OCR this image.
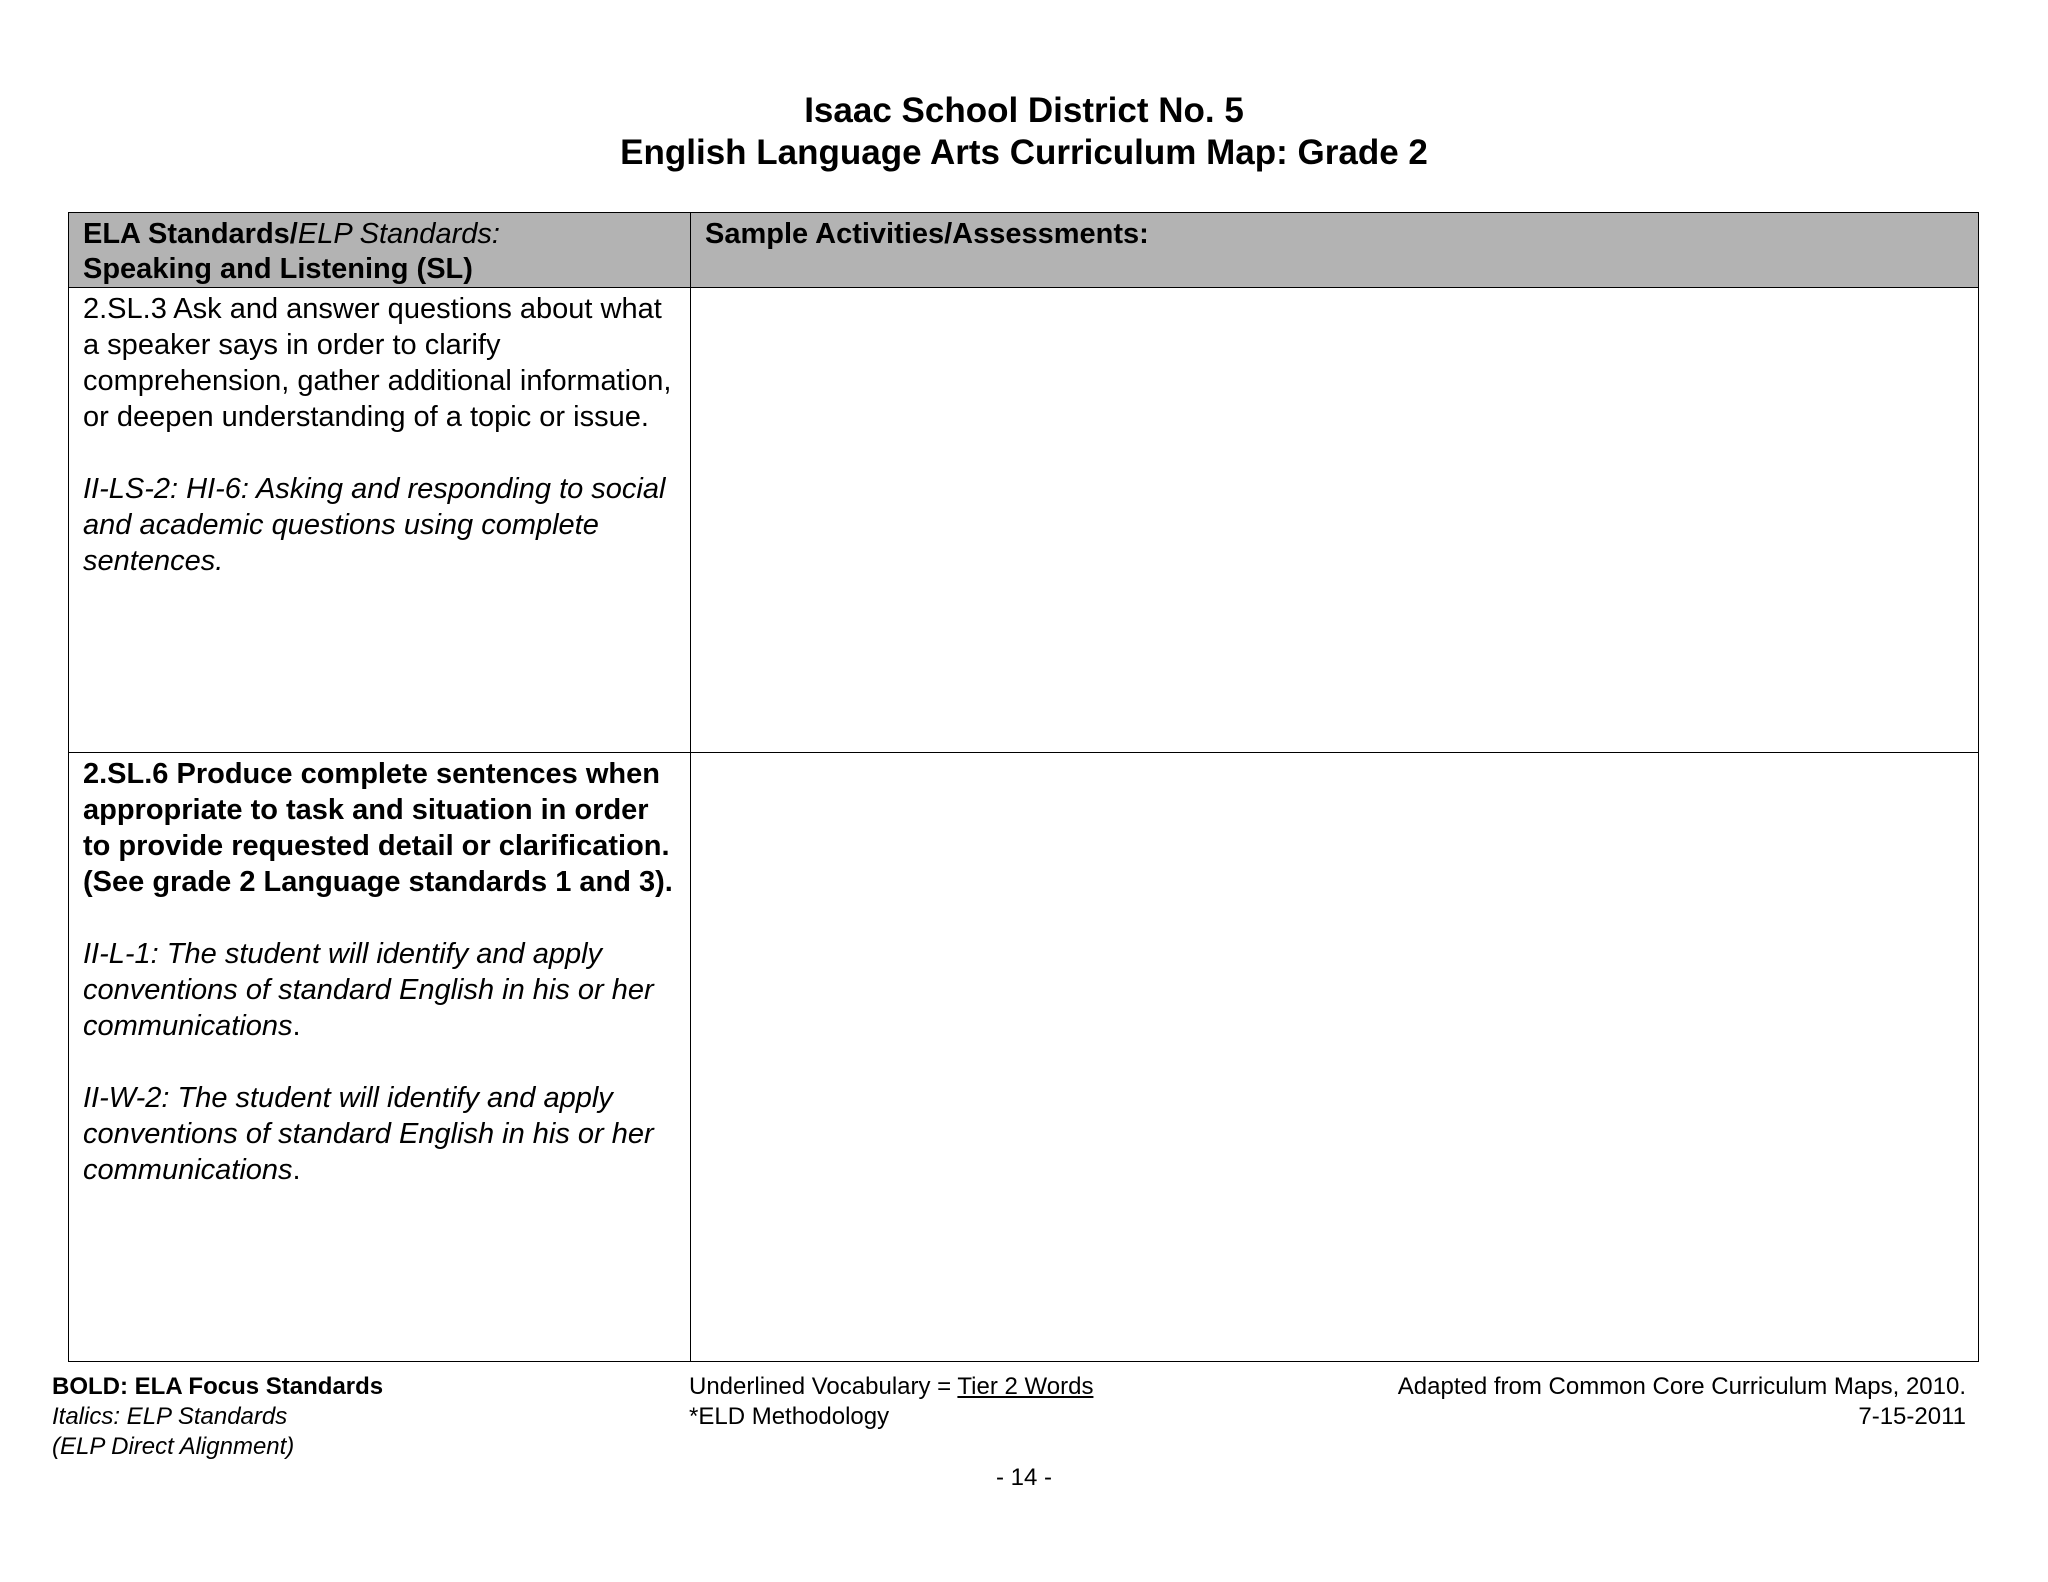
Isaac School District No. 5
English Language Arts Curriculum Map: Grade 2
ELA Standards/ELP Standards:
Speaking and Listening (SL)	Sample Activities/Assessments:

2.SL.3 Ask and answer questions about what a speaker says in order to clarify comprehension, gather additional information, or deepen understanding of a topic or issue.

II-LS-2: HI-6: Asking and responding to social and academic questions using complete sentences.	

2.SL.6 Produce complete sentences when appropriate to task and situation in order to provide requested detail or clarification. (See grade 2 Language standards 1 and 3).

II-L-1: The student will identify and apply conventions of standard English in his or her communications.

II-W-2: The student will identify and apply conventions of standard English in his or her communications.	

BOLD: ELA Focus Standards
Italics: ELP Standards
(ELP Direct Alignment)
Underlined Vocabulary = Tier 2 Words
*ELD Methodology
Adapted from Common Core Curriculum Maps, 2010.
7-15-2011
- 14 -
